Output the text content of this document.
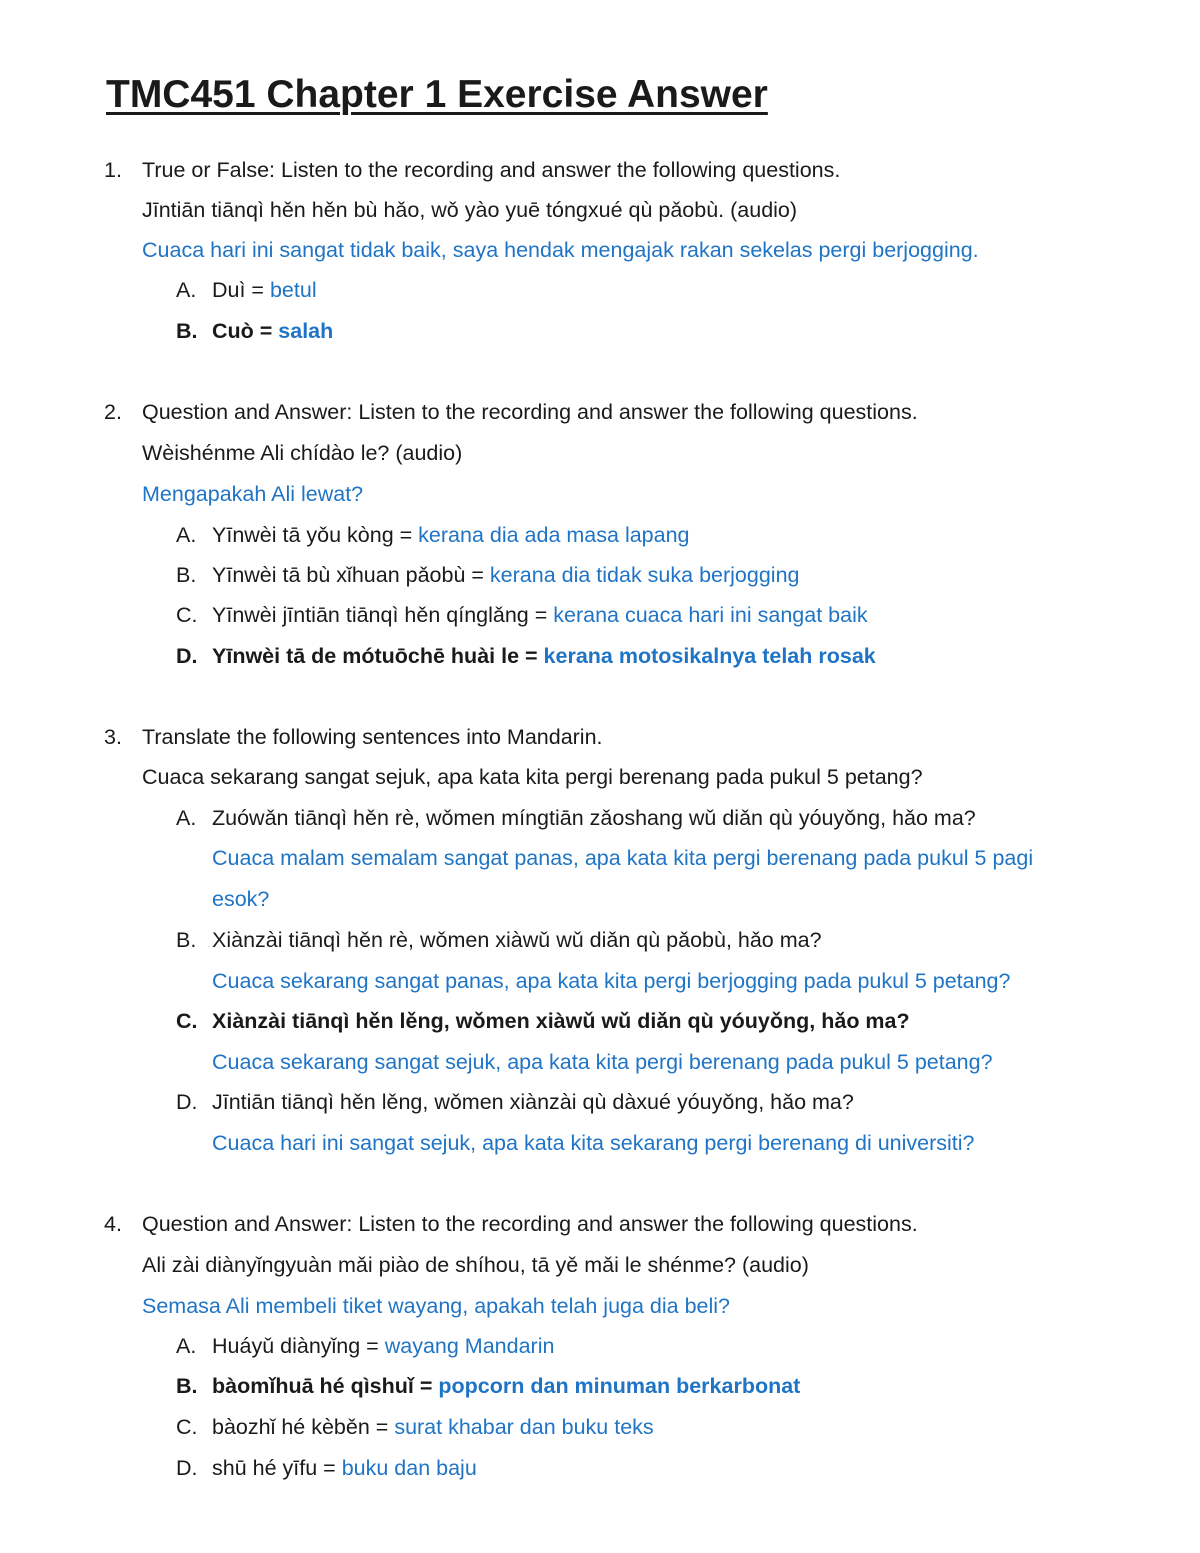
TMC451 Chapter 1 Exercise Answer
1. True or False: Listen to the recording and answer the following questions.
Jīntiān tiānqì hěn hěn bù hǎo, wǒ yào yuē tóngxué qù pǎobù. (audio)
Cuaca hari ini sangat tidak baik, saya hendak mengajak rakan sekelas pergi berjogging.
A. Duì = betul
B. Cuò = salah
2. Question and Answer: Listen to the recording and answer the following questions.
Wèishénme Ali chídào le? (audio)
Mengapakah Ali lewat?
A. Yīnwèi tā yǒu kòng = kerana dia ada masa lapang
B. Yīnwèi tā bù xǐhuan pǎobù = kerana dia tidak suka berjogging
C. Yīnwèi jīntiān tiānqì hěn qínglǎng = kerana cuaca hari ini sangat baik
D. Yīnwèi tā de mótuōchē huài le = kerana motosikalnya telah rosak
3. Translate the following sentences into Mandarin.
Cuaca sekarang sangat sejuk, apa kata kita pergi berenang pada pukul 5 petang?
A. Zuówǎn tiānqì hěn rè, wǒmen míngtiān zǎoshang wǔ diǎn qù yóuyǒng, hǎo ma?
Cuaca malam semalam sangat panas, apa kata kita pergi berenang pada pukul 5 pagi
esok?
B. Xiànzài tiānqì hěn rè, wǒmen xiàwǔ wǔ diǎn qù pǎobù, hǎo ma?
Cuaca sekarang sangat panas, apa kata kita pergi berjogging pada pukul 5 petang?
C. Xiànzài tiānqì hěn lěng, wǒmen xiàwǔ wǔ diǎn qù yóuyǒng, hǎo ma?
Cuaca sekarang sangat sejuk, apa kata kita pergi berenang pada pukul 5 petang?
D. Jīntiān tiānqì hěn lěng, wǒmen xiànzài qù dàxué yóuyǒng, hǎo ma?
Cuaca hari ini sangat sejuk, apa kata kita sekarang pergi berenang di universiti?
4. Question and Answer: Listen to the recording and answer the following questions.
Ali zài diànyǐngyuàn mǎi piào de shíhou, tā yě mǎi le shénme? (audio)
Semasa Ali membeli tiket wayang, apakah telah juga dia beli?
A. Huáyǔ diànyǐng = wayang Mandarin
B. bàomǐhuā hé qìshuǐ = popcorn dan minuman berkarbonat
C. bàozhǐ hé kèběn = surat khabar dan buku teks
D. shū hé yīfu = buku dan baju
